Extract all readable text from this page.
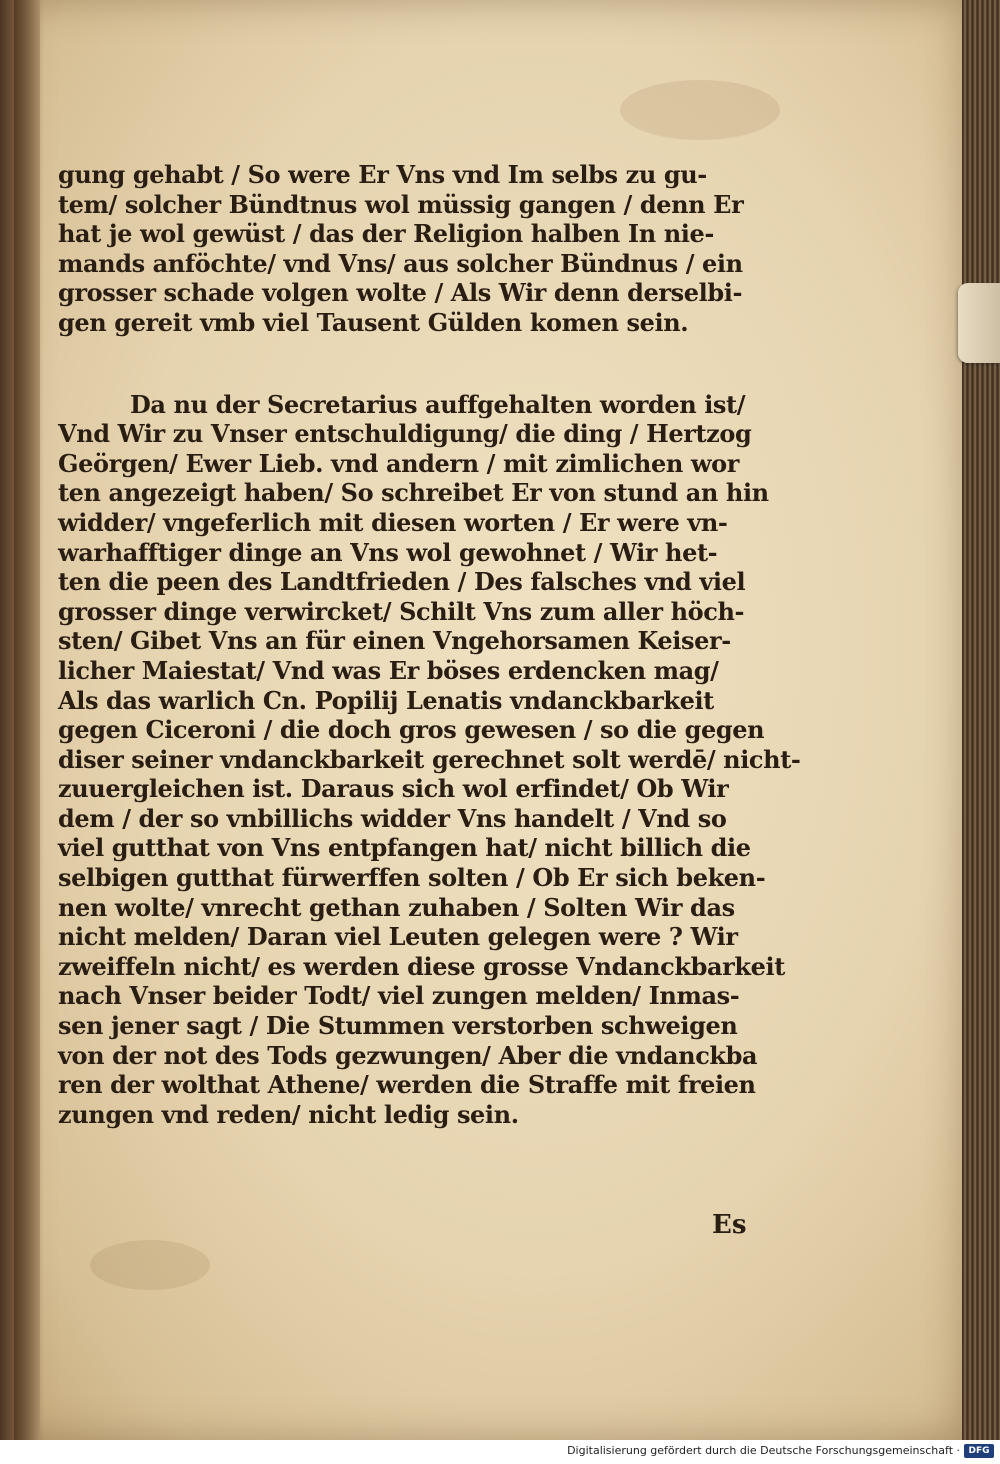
gung gehabt / So were Er Vns vnd Im selbs zu gu-
tem/ solcher Bündtnus wol müssig gangen / denn Er
hat je wol gewüst / das der Religion halben In nie-
mands anföchte/ vnd Vns/ aus solcher Bündnus / ein
grosser schade volgen wolte / Als Wir denn derselbi-
gen gereit vmb viel Tausent Gülden komen sein.
Da nu der Secretarius auffgehalten worden ist/
Vnd Wir zu Vnser entschuldigung/ die ding / Hertzog
Geörgen/ Ewer Lieb. vnd andern / mit zimlichen wor
ten angezeigt haben/ So schreibet Er von stund an hin
widder/ vngeferlich mit diesen worten / Er were vn-
warhafftiger dinge an Vns wol gewohnet / Wir het-
ten die peen des Landtfrieden / Des falsches vnd viel
grosser dinge verwircket/ Schilt Vns zum aller höch-
sten/ Gibet Vns an für einen Vngehorsamen Keiser-
licher Maiestat/ Vnd was Er böses erdencken mag/
Als das warlich Cn. Popilij Lenatis vndanckbarkeit
gegen Ciceroni / die doch gros gewesen / so die gegen
diser seiner vndanckbarkeit gerechnet solt werdē/ nicht-
zuuergleichen ist. Daraus sich wol erfindet/ Ob Wir
dem / der so vnbillichs widder Vns handelt / Vnd so
viel gutthat von Vns entpfangen hat/ nicht billich die
selbigen gutthat fürwerffen solten / Ob Er sich beken-
nen wolte/ vnrecht gethan zuhaben / Solten Wir das
nicht melden/ Daran viel Leuten gelegen were ? Wir
zweiffeln nicht/ es werden diese grosse Vndanckbarkeit
nach Vnser beider Todt/ viel zungen melden/ Inmas-
sen jener sagt / Die Stummen verstorben schweigen
von der not des Tods gezwungen/ Aber die vndanckba
ren der wolthat Athene/ werden die Straffe mit freien
zungen vnd reden/ nicht ledig sein.
Es
Digitalisierung gefördert durch die Deutsche Forschungsgemeinschaft · DFG
